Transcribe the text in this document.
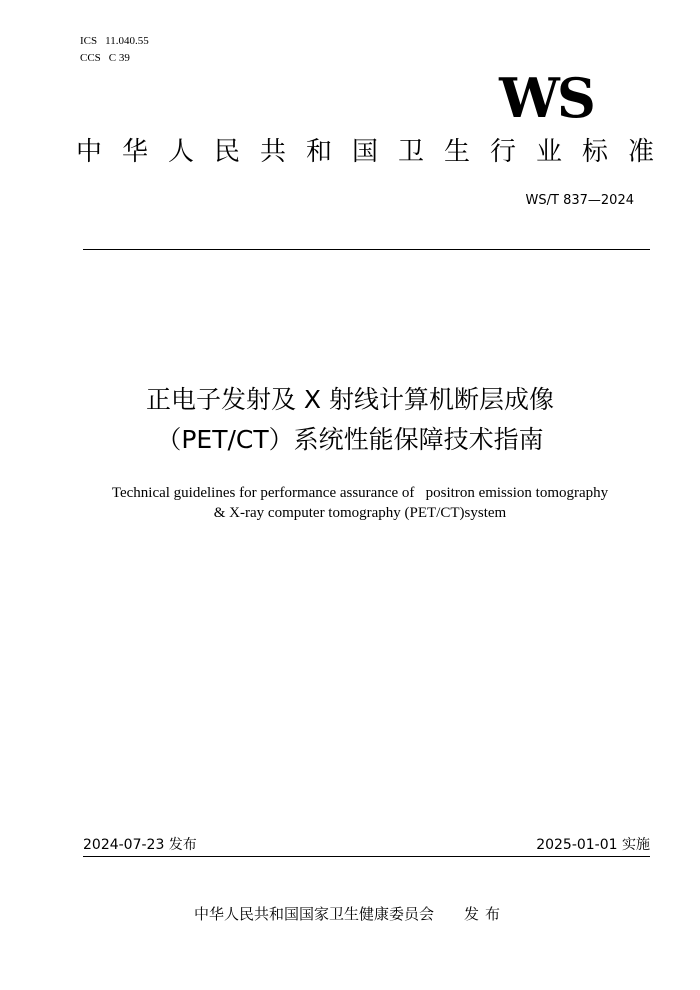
ICS 11.040.55
CCS C 39
WS
中华人民共和国卫生行业标准
WS/T 837—2024
正电子发射及 X 射线计算机断层成像
（PET/CT）系统性能保障技术指南
Technical guidelines for performance assurance of   positron emission tomography
& X-ray computer tomography (PET/CT)system
2024-07-23 发布	2025-01-01 实施
中华人民共和国国家卫生健康委员会 发布
